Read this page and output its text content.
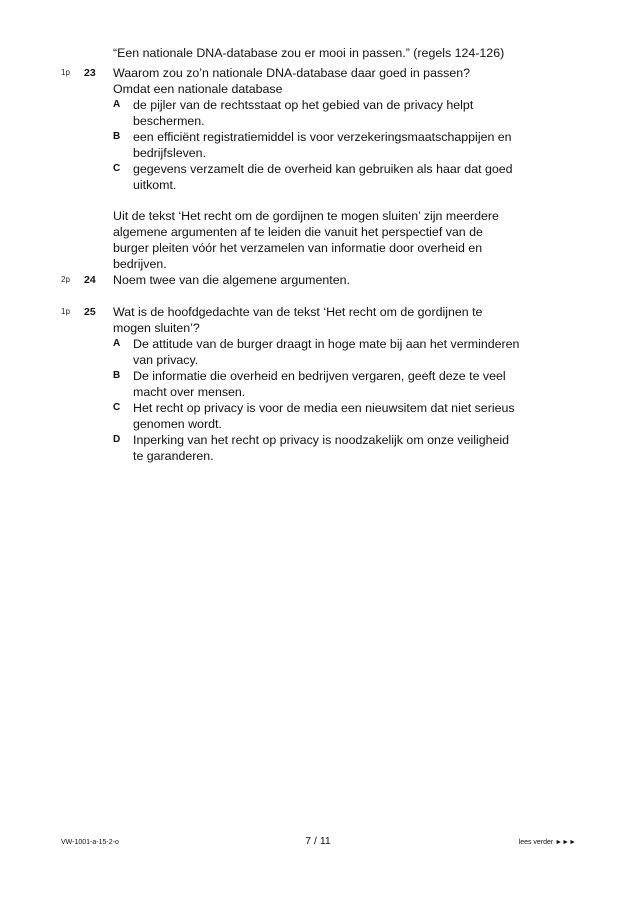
“Een nationale DNA-database zou er mooi in passen.” (regels 124-126)
1p 23 Waarom zou zo’n nationale DNA-database daar goed in passen?
Omdat een nationale database
A de pijler van de rechtsstaat op het gebied van de privacy helpt
beschermen.
B een efficiënt registratiemiddel is voor verzekeringsmaatschappijen en
bedrijfsleven.
C gegevens verzamelt die de overheid kan gebruiken als haar dat goed
uitkomt.
Uit de tekst ‘Het recht om de gordijnen te mogen sluiten’ zijn meerdere
algemene argumenten af te leiden die vanuit het perspectief van de
burger pleiten vóór het verzamelen van informatie door overheid en
bedrijven.
2p 24 Noem twee van die algemene argumenten.
1p 25 Wat is de hoofdgedachte van de tekst ‘Het recht om de gordijnen te
mogen sluiten’?
A De attitude van de burger draagt in hoge mate bij aan het verminderen
van privacy.
B De informatie die overheid en bedrijven vergaren, geeft deze te veel
macht over mensen.
C Het recht op privacy is voor de media een nieuwsitem dat niet serieus
genomen wordt.
D Inperking van het recht op privacy is noodzakelijk om onze veiligheid
te garanderen.
VW-1001-a-15-2-o	7 / 11	lees verder ►►►
